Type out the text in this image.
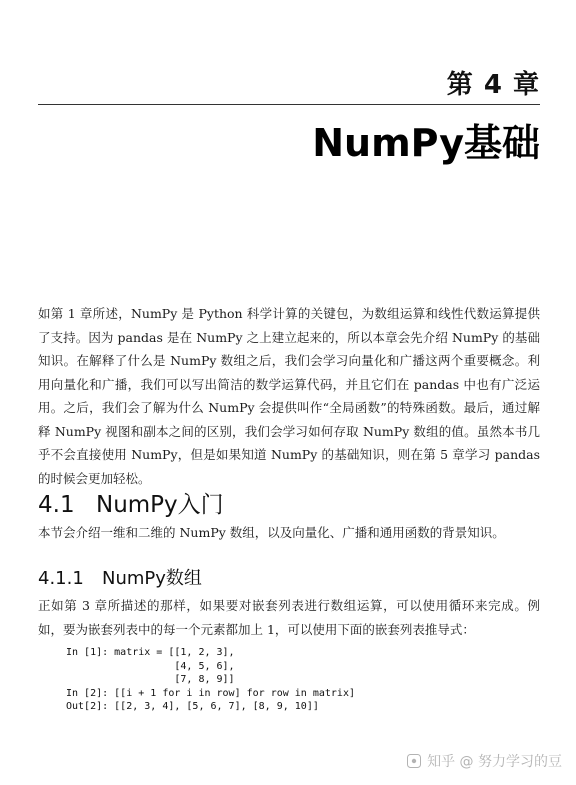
第 4 章
NumPy基础
如第 1 章所述，NumPy 是 Python 科学计算的关键包，为数组运算和线性代数运算提供了支持。因为 pandas 是在 NumPy 之上建立起来的，所以本章会先介绍 NumPy 的基础知识。在解释了什么是 NumPy 数组之后，我们会学习向量化和广播这两个重要概念。利用向量化和广播，我们可以写出简洁的数学运算代码，并且它们在 pandas 中也有广泛运用。之后，我们会了解为什么 NumPy 会提供叫作“全局函数”的特殊函数。最后，通过解释 NumPy 视图和副本之间的区别，我们会学习如何存取 NumPy 数组的值。虽然本书几乎不会直接使用 NumPy，但是如果知道 NumPy 的基础知识，则在第 5 章学习 pandas 的时候会更加轻松。
4.1 NumPy入门
本节会介绍一维和二维的 NumPy 数组，以及向量化、广播和通用函数的背景知识。
4.1.1 NumPy数组
正如第 3 章所描述的那样，如果要对嵌套列表进行数组运算，可以使用循环来完成。例如，要为嵌套列表中的每一个元素都加上 1，可以使用下面的嵌套列表推导式：
In [1]: matrix = [[1, 2, 3],
[4, 5, 6],
[7, 8, 9]]
In [2]: [[i + 1 for i in row] for row in matrix]
Out[2]: [[2, 3, 4], [5, 6, 7], [8, 9, 10]]
知乎 @ 努力学习的豆
